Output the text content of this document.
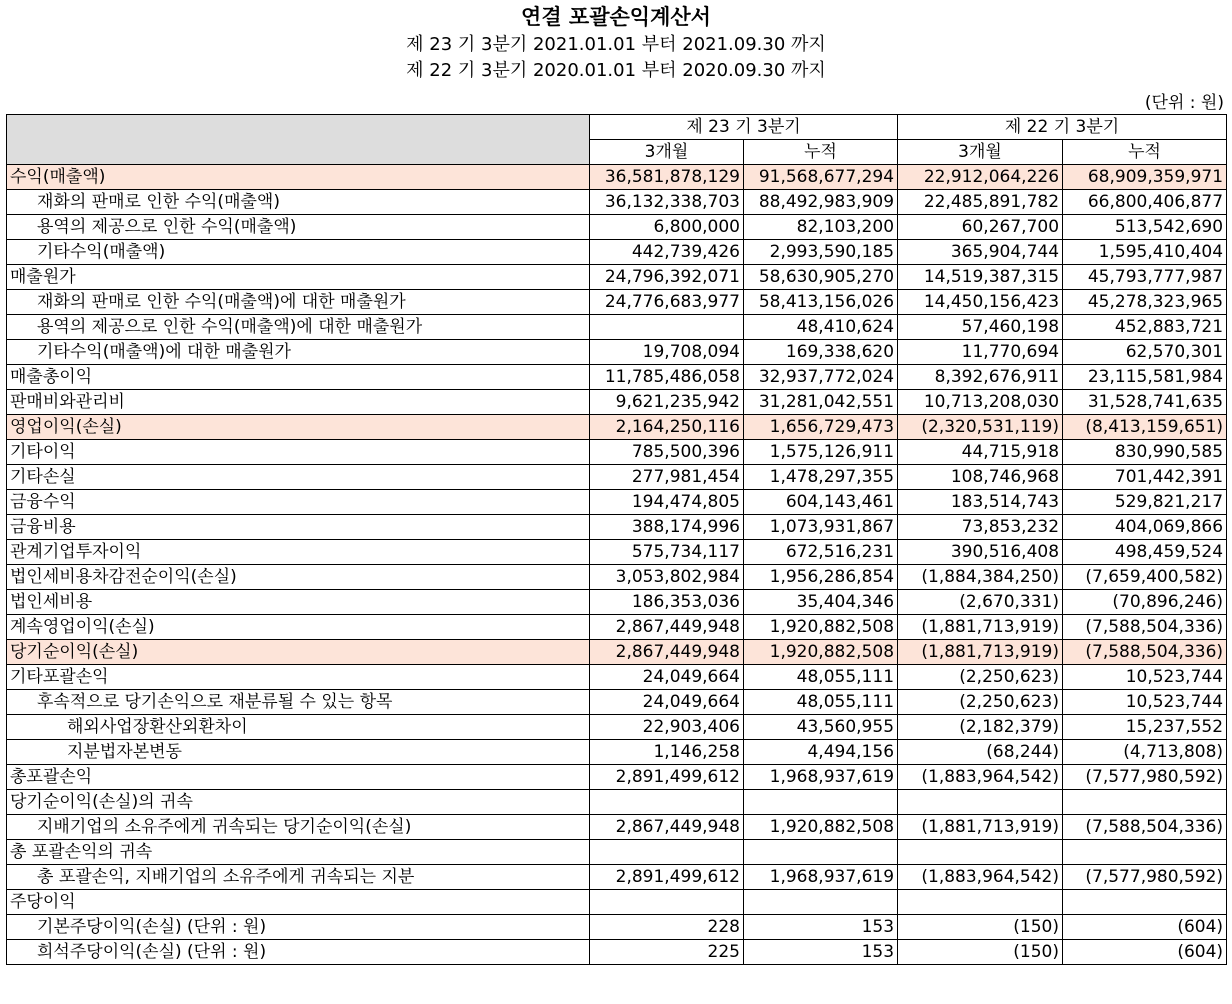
연결 포괄손익계산서
제 23 기 3분기 2021.01.01 부터 2021.09.30 까지
제 22 기 3분기 2020.01.01 부터 2020.09.30 까지
(단위 : 원)
	제 23 기 3분기		제 22 기 3분기	
	3개월	누적	3개월	누적
수익(매출액)	36,581,878,129	91,568,677,294	22,912,064,226	68,909,359,971
재화의 판매로 인한 수익(매출액)	36,132,338,703	88,492,983,909	22,485,891,782	66,800,406,877
용역의 제공으로 인한 수익(매출액)	6,800,000	82,103,200	60,267,700	513,542,690
기타수익(매출액)	442,739,426	2,993,590,185	365,904,744	1,595,410,404
매출원가	24,796,392,071	58,630,905,270	14,519,387,315	45,793,777,987
재화의 판매로 인한 수익(매출액)에 대한 매출원가	24,776,683,977	58,413,156,026	14,450,156,423	45,278,323,965
용역의 제공으로 인한 수익(매출액)에 대한 매출원가		48,410,624	57,460,198	452,883,721
기타수익(매출액)에 대한 매출원가	19,708,094	169,338,620	11,770,694	62,570,301
매출총이익	11,785,486,058	32,937,772,024	8,392,676,911	23,115,581,984
판매비와관리비	9,621,235,942	31,281,042,551	10,713,208,030	31,528,741,635
영업이익(손실)	2,164,250,116	1,656,729,473	(2,320,531,119)	(8,413,159,651)
기타이익	785,500,396	1,575,126,911	44,715,918	830,990,585
기타손실	277,981,454	1,478,297,355	108,746,968	701,442,391
금융수익	194,474,805	604,143,461	183,514,743	529,821,217
금융비용	388,174,996	1,073,931,867	73,853,232	404,069,866
관계기업투자이익	575,734,117	672,516,231	390,516,408	498,459,524
법인세비용차감전순이익(손실)	3,053,802,984	1,956,286,854	(1,884,384,250)	(7,659,400,582)
법인세비용	186,353,036	35,404,346	(2,670,331)	(70,896,246)
계속영업이익(손실)	2,867,449,948	1,920,882,508	(1,881,713,919)	(7,588,504,336)
당기순이익(손실)	2,867,449,948	1,920,882,508	(1,881,713,919)	(7,588,504,336)
기타포괄손익	24,049,664	48,055,111	(2,250,623)	10,523,744
후속적으로 당기손익으로 재분류될 수 있는 항목	24,049,664	48,055,111	(2,250,623)	10,523,744
해외사업장환산외환차이	22,903,406	43,560,955	(2,182,379)	15,237,552
지분법자본변동	1,146,258	4,494,156	(68,244)	(4,713,808)
총포괄손익	2,891,499,612	1,968,937,619	(1,883,964,542)	(7,577,980,592)
당기순이익(손실)의 귀속				
지배기업의 소유주에게 귀속되는 당기순이익(손실)	2,867,449,948	1,920,882,508	(1,881,713,919)	(7,588,504,336)
총 포괄손익의 귀속				
총 포괄손익, 지배기업의 소유주에게 귀속되는 지분	2,891,499,612	1,968,937,619	(1,883,964,542)	(7,577,980,592)
주당이익				
기본주당이익(손실) (단위 : 원)	228	153	(150)	(604)
희석주당이익(손실) (단위 : 원)	225	153	(150)	(604)
